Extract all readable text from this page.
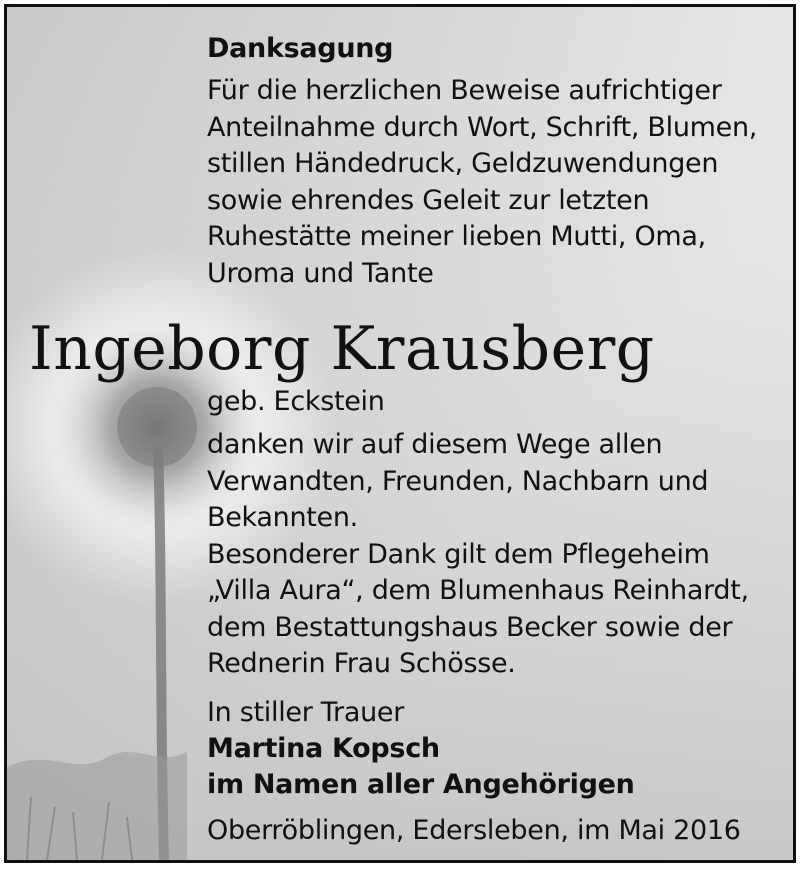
Danksagung
Für die herzlichen Beweise aufrichtiger
Anteilnahme durch Wort, Schrift, Blumen,
stillen Händedruck, Geldzuwendungen
sowie ehrendes Geleit zur letzten
Ruhestätte meiner lieben Mutti, Oma,
Uroma und Tante
Ingeborg Krausberg
geb. Eckstein
danken wir auf diesem Wege allen
Verwandten, Freunden, Nachbarn und
Bekannten.
Besonderer Dank gilt dem Pflegeheim
„Villa Aura“, dem Blumenhaus Reinhardt,
dem Bestattungshaus Becker sowie der
Rednerin Frau Schösse.
In stiller Trauer
Martina Kopsch
im Namen aller Angehörigen
Oberröblingen, Edersleben, im Mai 2016
